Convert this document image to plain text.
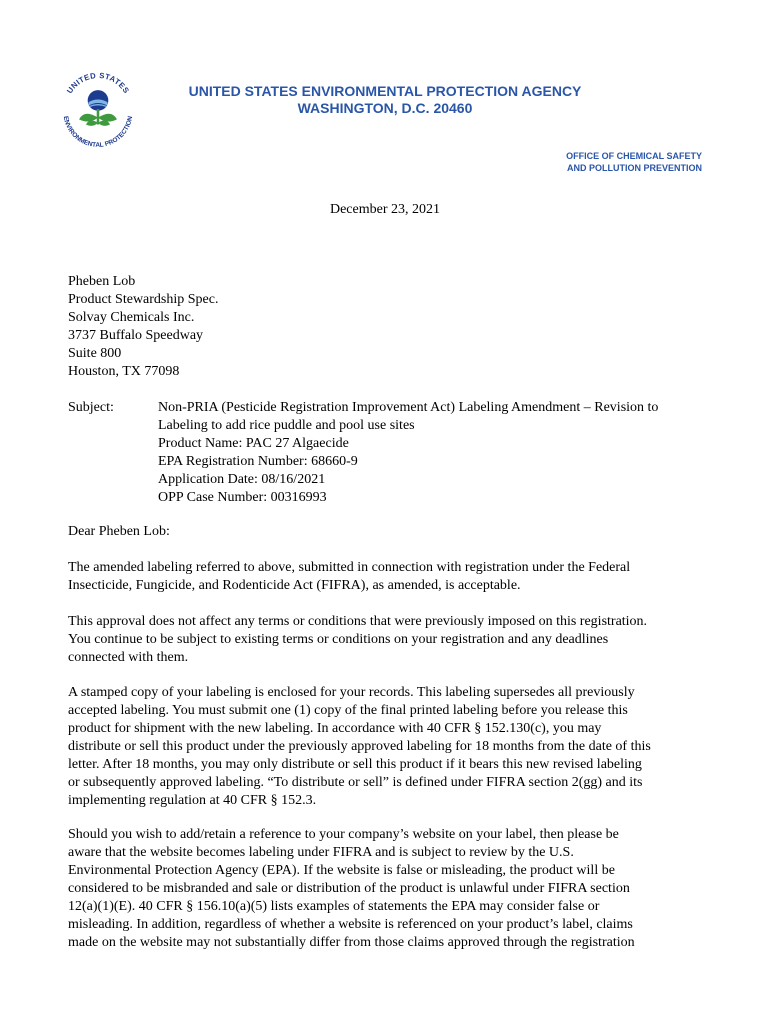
UNITED STATES
ENVIRONMENTAL PROTECTION
UNITED STATES ENVIRONMENTAL PROTECTION AGENCY
WASHINGTON, D.C. 20460
OFFICE OF CHEMICAL SAFETY
AND POLLUTION PREVENTION
December 23, 2021
Pheben Lob
Product Stewardship Spec.
Solvay Chemicals Inc.
3737 Buffalo Speedway
Suite 800
Houston, TX 77098
Subject:	Non-PRIA (Pesticide Registration Improvement Act) Labeling Amendment – Revision to
Labeling to add rice puddle and pool use sites
Product Name: PAC 27 Algaecide
EPA Registration Number: 68660-9
Application Date: 08/16/2021
OPP Case Number: 00316993
Dear Pheben Lob:
The amended labeling referred to above, submitted in connection with registration under the Federal
Insecticide, Fungicide, and Rodenticide Act (FIFRA), as amended, is acceptable.
This approval does not affect any terms or conditions that were previously imposed on this registration.
You continue to be subject to existing terms or conditions on your registration and any deadlines
connected with them.
A stamped copy of your labeling is enclosed for your records. This labeling supersedes all previously
accepted labeling. You must submit one (1) copy of the final printed labeling before you release this
product for shipment with the new labeling. In accordance with 40 CFR § 152.130(c), you may
distribute or sell this product under the previously approved labeling for 18 months from the date of this
letter. After 18 months, you may only distribute or sell this product if it bears this new revised labeling
or subsequently approved labeling. “To distribute or sell” is defined under FIFRA section 2(gg) and its
implementing regulation at 40 CFR § 152.3.
Should you wish to add/retain a reference to your company’s website on your label, then please be
aware that the website becomes labeling under FIFRA and is subject to review by the U.S.
Environmental Protection Agency (EPA). If the website is false or misleading, the product will be
considered to be misbranded and sale or distribution of the product is unlawful under FIFRA section
12(a)(1)(E). 40 CFR § 156.10(a)(5) lists examples of statements the EPA may consider false or
misleading. In addition, regardless of whether a website is referenced on your product’s label, claims
made on the website may not substantially differ from those claims approved through the registration
